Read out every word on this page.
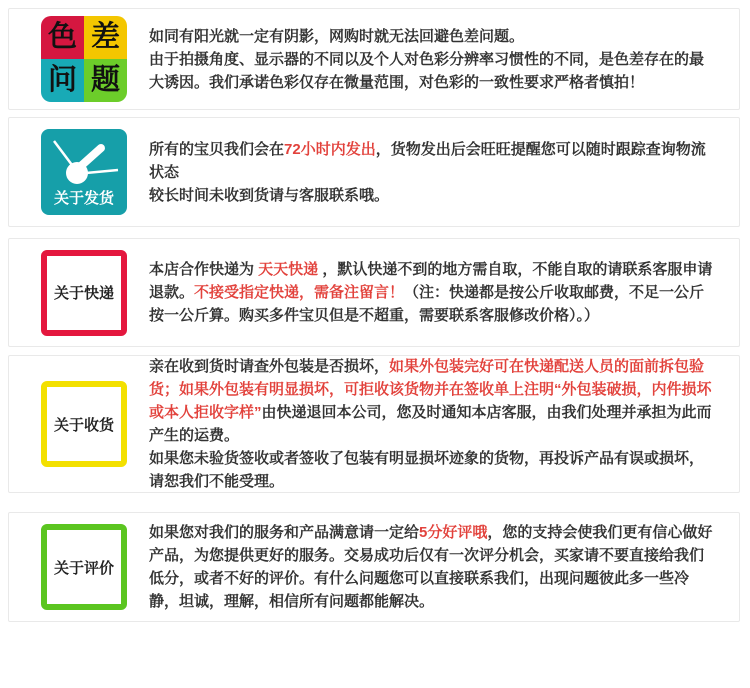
色 差
问 题

如同有阳光就一定有阴影，网购时就无法回避色差问题。

由于拍摄角度、显示器的不同以及个人对色彩分辨率习惯性的不同，是色差存在的最大诱因。我们承诺色彩仅存在微量范围，对色彩的一致性要求严格者慎拍！

关于发货

所有的宝贝我们会在72小时内发出，货物发出后会旺旺提醒您可以随时跟踪查询物流状态

较长时间未收到货请与客服联系哦。

关于快递

本店合作快递为 天天快递 ，默认快递不到的地方需自取，不能自取的请联系客服申请退款。不接受指定快递，需备注留言！（注：快递都是按公斤收取邮费，不足一公斤按一公斤算。购买多件宝贝但是不超重，需要联系客服修改价格）。）

关于收货

亲在收到货时请查外包装是否损坏，如果外包装完好可在快递配送人员的面前拆包验货；如果外包装有明显损坏，可拒收该货物并在签收单上注明“外包装破损，内件损坏或本人拒收字样”由快递退回本公司，您及时通知本店客服，由我们处理并承担为此而产生的运费。

如果您未验货签收或者签收了包装有明显损坏迹象的货物，再投诉产品有误或损坏，请恕我们不能受理。

关于评价

如果您对我们的服务和产品满意请一定给5分好评哦，您的支持会使我们更有信心做好产品，为您提供更好的服务。交易成功后仅有一次评分机会，买家请不要直接给我们低分，或者不好的评价。有什么问题您可以直接联系我们，出现问题彼此多一些冷静，坦诚，理解，相信所有问题都能解决。
